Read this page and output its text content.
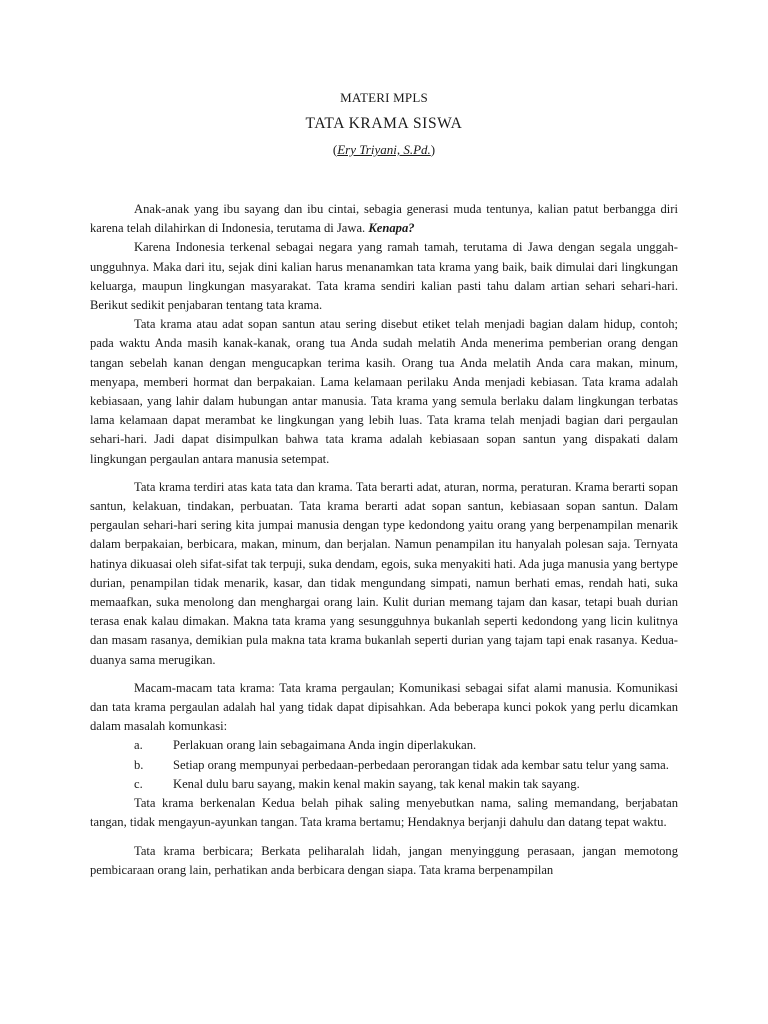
MATERI MPLS

TATA KRAMA SISWA

(Ery Triyani, S.Pd.)

Anak-anak yang ibu sayang dan ibu cintai, sebagia generasi muda tentunya, kalian patut berbangga diri karena telah dilahirkan di Indonesia, terutama di Jawa. Kenapa?

Karena Indonesia terkenal sebagai negara yang ramah tamah, terutama di Jawa dengan segala unggah-ungguhnya. Maka dari itu, sejak dini kalian harus menanamkan tata krama yang baik, baik dimulai dari lingkungan keluarga, maupun lingkungan masyarakat. Tata krama sendiri kalian pasti tahu dalam artian sehari sehari-hari. Berikut sedikit penjabaran tentang tata krama.

Tata krama atau adat sopan santun atau sering disebut etiket telah menjadi bagian dalam hidup, contoh; pada waktu Anda masih kanak-kanak, orang tua Anda sudah melatih Anda menerima pemberian orang dengan tangan sebelah kanan dengan mengucapkan terima kasih. Orang tua Anda melatih Anda cara makan, minum, menyapa, memberi hormat dan berpakaian. Lama kelamaan perilaku Anda menjadi kebiasan. Tata krama adalah kebiasaan, yang lahir dalam hubungan antar manusia. Tata krama yang semula berlaku dalam lingkungan terbatas lama kelamaan dapat merambat ke lingkungan yang lebih luas. Tata krama telah menjadi bagian dari pergaulan sehari-hari. Jadi dapat disimpulkan bahwa tata krama adalah kebiasaan sopan santun yang dispakati dalam lingkungan pergaulan antara manusia setempat.

Tata krama terdiri atas kata tata dan krama. Tata berarti adat, aturan, norma, peraturan. Krama berarti sopan santun, kelakuan, tindakan, perbuatan. Tata krama berarti adat sopan santun, kebiasaan sopan santun. Dalam pergaulan sehari-hari sering kita jumpai manusia dengan type kedondong yaitu orang yang berpenampilan menarik dalam berpakaian, berbicara, makan, minum, dan berjalan. Namun penampilan itu hanyalah polesan saja. Ternyata hatinya dikuasai oleh sifat-sifat tak terpuji, suka dendam, egois, suka menyakiti hati. Ada juga manusia yang bertype durian, penampilan tidak menarik, kasar, dan tidak mengundang simpati, namun berhati emas, rendah hati, suka memaafkan, suka menolong dan menghargai orang lain. Kulit durian memang tajam dan kasar, tetapi buah durian terasa enak kalau dimakan. Makna tata krama yang sesungguhnya bukanlah seperti kedondong yang licin kulitnya dan masam rasanya, demikian pula makna tata krama bukanlah seperti durian yang tajam tapi enak rasanya. Kedua-duanya sama merugikan.

Macam-macam tata krama: Tata krama pergaulan; Komunikasi sebagai sifat alami manusia. Komunikasi dan tata krama pergaulan adalah hal yang tidak dapat dipisahkan. Ada beberapa kunci pokok yang perlu dicamkan dalam masalah komunkasi:

a.	Perlakuan orang lain sebagaimana Anda ingin diperlakukan.
b.	Setiap orang mempunyai perbedaan-perbedaan perorangan tidak ada kembar satu telur yang sama.
c.	Kenal dulu baru sayang, makin kenal makin sayang, tak kenal makin tak sayang.

Tata krama berkenalan Kedua belah pihak saling menyebutkan nama, saling memandang, berjabatan tangan, tidak mengayun-ayunkan tangan. Tata krama bertamu; Hendaknya berjanji dahulu dan datang tepat waktu.

Tata krama berbicara; Berkata peliharalah lidah, jangan menyinggung perasaan, jangan memotong pembicaraan orang lain, perhatikan anda berbicara dengan siapa. Tata krama berpenampilan
